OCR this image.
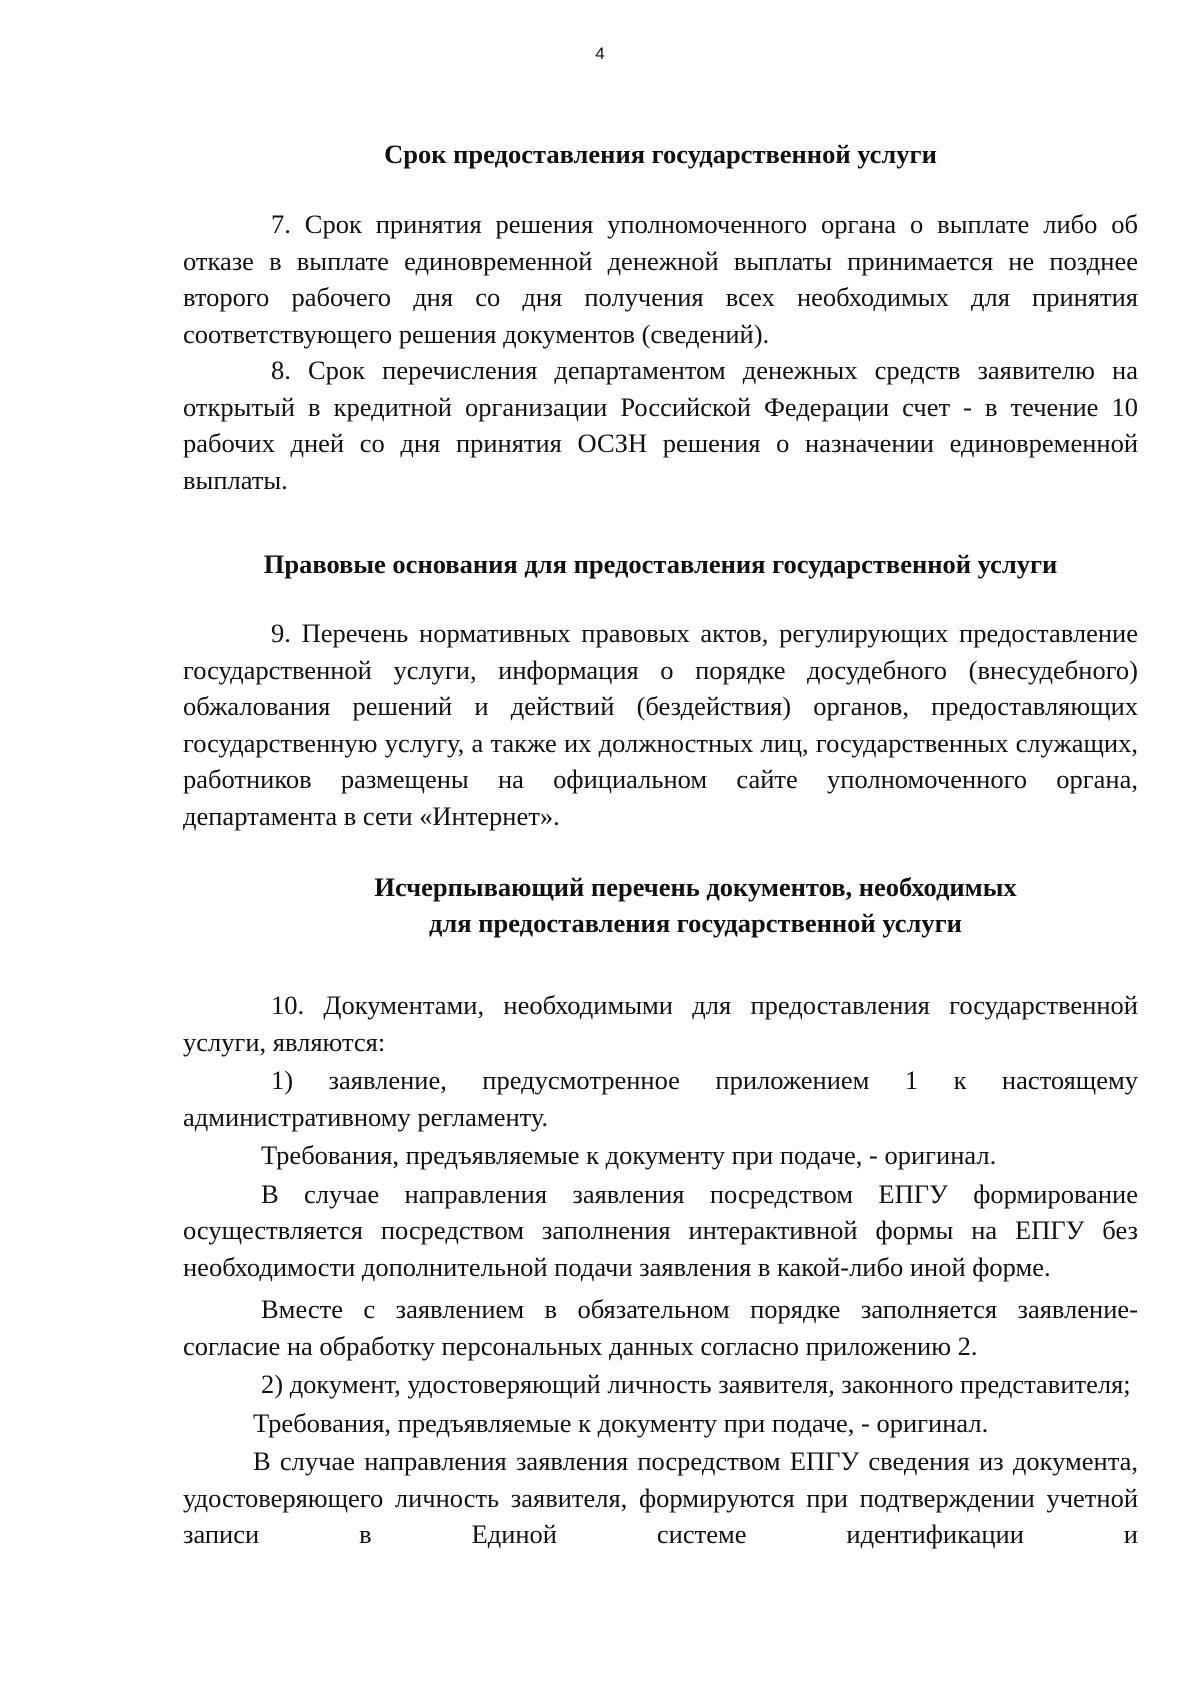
4
Срок предоставления государственной услуги

7. Срок принятия решения уполномоченного органа о выплате либо об отказе в выплате единовременной денежной выплаты принимается не позднее второго рабочего дня со дня получения всех необходимых для принятия соответствующего решения документов (сведений).

8. Срок перечисления департаментом денежных средств заявителю на открытый в кредитной организации Российской Федерации счет - в течение 10 рабочих дней со дня принятия ОСЗН решения о назначении единовременной выплаты.

Правовые основания для предоставления государственной услуги

9. Перечень нормативных правовых актов, регулирующих предоставление государственной услуги, информация о порядке досудебного (внесудебного) обжалования решений и действий (бездействия) органов, предоставляющих государственную услугу, а также их должностных лиц, государственных служащих, работников размещены на официальном сайте уполномоченного органа, департамента в сети «Интернет».

Исчерпывающий перечень документов, необходимых
для предоставления государственной услуги

10. Документами, необходимыми для предоставления государственной услуги, являются:

1) заявление, предусмотренное приложением 1 к настоящему административному регламенту.

Требования, предъявляемые к документу при подаче, - оригинал.

В случае направления заявления посредством ЕПГУ формирование осуществляется посредством заполнения интерактивной формы на ЕПГУ без необходимости дополнительной подачи заявления в какой-либо иной форме.

Вместе с заявлением в обязательном порядке заполняется заявление-согласие на обработку персональных данных согласно приложению 2.

2) документ, удостоверяющий личность заявителя, законного представителя;

Требования, предъявляемые к документу при подаче, - оригинал.

В случае направления заявления посредством ЕПГУ сведения из документа, удостоверяющего личность заявителя, формируются при подтверждении учетной записи в Единой системе идентификации и
